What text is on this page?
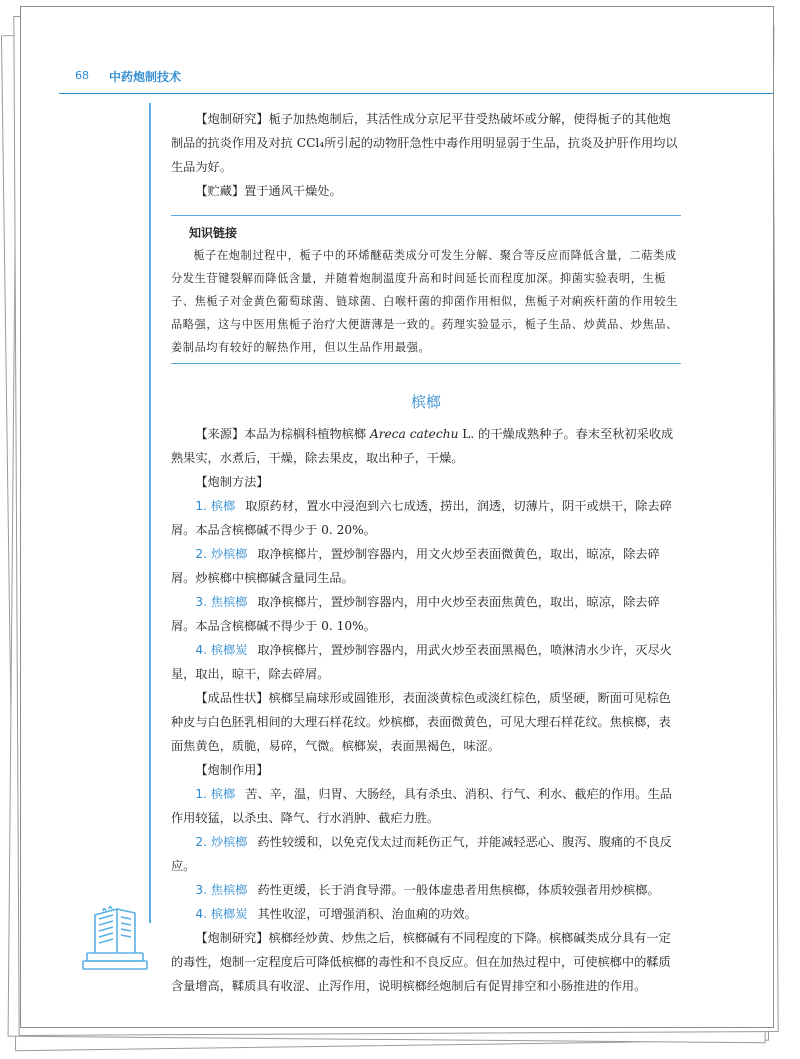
68 中药炮制技术

【炮制研究】栀子加热炮制后，其活性成分京尼平苷受热破坏或分解，使得栀子的其他炮制品的抗炎作用及对抗 CCl₄所引起的动物肝急性中毒作用明显弱于生品，抗炎及护肝作用均以生品为好。

【贮藏】置于通风干燥处。

知识链接

栀子在炮制过程中，栀子中的环烯醚萜类成分可发生分解、聚合等反应而降低含量，二萜类成分发生苷键裂解而降低含量，并随着炮制温度升高和时间延长而程度加深。抑菌实验表明，生栀子、焦栀子对金黄色葡萄球菌、链球菌、白喉杆菌的抑菌作用相似，焦栀子对痢疾杆菌的作用较生品略强，这与中医用焦栀子治疗大便溏薄是一致的。药理实验显示，栀子生品、炒黄品、炒焦品、姜制品均有较好的解热作用，但以生品作用最强。

槟榔

【来源】本品为棕榈科植物槟榔 Areca catechu L. 的干燥成熟种子。春末至秋初采收成熟果实，水煮后，干燥，除去果皮，取出种子，干燥。

【炮制方法】

1. 槟榔 取原药材，置水中浸泡到六七成透，捞出，润透，切薄片，阴干或烘干，除去碎屑。本品含槟榔碱不得少于 0. 20%。

2. 炒槟榔 取净槟榔片，置炒制容器内，用文火炒至表面微黄色，取出，晾凉，除去碎屑。炒槟榔中槟榔碱含量同生品。

3. 焦槟榔 取净槟榔片，置炒制容器内，用中火炒至表面焦黄色，取出，晾凉，除去碎屑。本品含槟榔碱不得少于 0. 10%。

4. 槟榔炭 取净槟榔片，置炒制容器内，用武火炒至表面黑褐色，喷淋清水少许，灭尽火星，取出，晾干，除去碎屑。

【成品性状】槟榔呈扁球形或圆锥形，表面淡黄棕色或淡红棕色，质坚硬，断面可见棕色种皮与白色胚乳相间的大理石样花纹。炒槟榔，表面微黄色，可见大理石样花纹。焦槟榔，表面焦黄色，质脆，易碎，气微。槟榔炭，表面黑褐色，味涩。

【炮制作用】

1. 槟榔 苦、辛，温，归胃、大肠经，具有杀虫、消积、行气、利水、截疟的作用。生品作用较猛，以杀虫、降气、行水消肿、截疟力胜。

2. 炒槟榔 药性较缓和，以免克伐太过而耗伤正气，并能减轻恶心、腹泻、腹痛的不良反应。

3. 焦槟榔 药性更缓，长于消食导滞。一般体虚患者用焦槟榔，体质较强者用炒槟榔。

4. 槟榔炭 其性收涩，可增强消积、治血痢的功效。

【炮制研究】槟榔经炒黄、炒焦之后，槟榔碱有不同程度的下降。槟榔碱类成分具有一定的毒性，炮制一定程度后可降低槟榔的毒性和不良反应。但在加热过程中，可使槟榔中的鞣质含量增高，鞣质具有收涩、止泻作用，说明槟榔经炮制后有促胃排空和小肠推进的作用。
